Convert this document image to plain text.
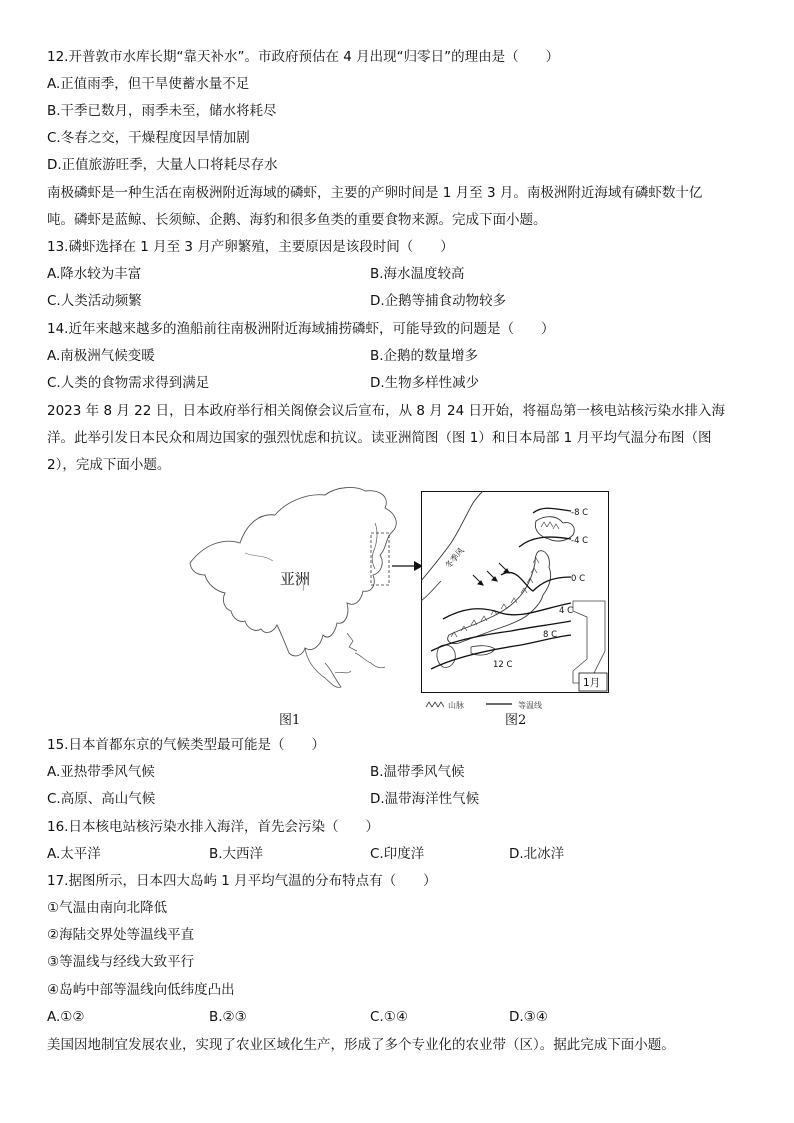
12.开普敦市水库长期“靠天补水”。市政府预估在 4 月出现“归零日”的理由是（　　）
A.正值雨季，但干旱使蓄水量不足
B.干季已数月，雨季未至，储水将耗尽
C.冬春之交，干燥程度因旱情加剧
D.正值旅游旺季，大量人口将耗尽存水
南极磷虾是一种生活在南极洲附近海域的磷虾，主要的产卵时间是 1 月至 3 月。南极洲附近海域有磷虾数十亿
吨。磷虾是蓝鲸、长须鲸、企鹅、海豹和很多鱼类的重要食物来源。完成下面小题。
13.磷虾选择在 1 月至 3 月产卵繁殖，主要原因是该段时间（　　）
A.降水较为丰富	B.海水温度较高
C.人类活动频繁	D.企鹅等捕食动物较多
14.近年来越来越多的渔船前往南极洲附近海域捕捞磷虾，可能导致的问题是（　　）
A.南极洲气候变暖	B.企鹅的数量增多
C.人类的食物需求得到满足	D.生物多样性减少
2023 年 8 月 22 日，日本政府举行相关阁僚会议后宣布，从 8 月 24 日开始，将福岛第一核电站核污染水排入海
洋。此举引发日本民众和周边国家的强烈忧虑和抗议。读亚洲简图（图 1）和日本局部 1 月平均气温分布图（图
2），完成下面小题。
亚洲
-8 C
-4 C
0 C
4 C
8 C
12 C
冬季风
1月
山脉	等温线
图1	图2
15.日本首都东京的气候类型最可能是（　　）
A.亚热带季风气候	B.温带季风气候
C.高原、高山气候	D.温带海洋性气候
16.日本核电站核污染水排入海洋，首先会污染（　　）
A.太平洋	B.大西洋	C.印度洋	D.北冰洋
17.据图所示，日本四大岛屿 1 月平均气温的分布特点有（　　）
①气温由南向北降低
②海陆交界处等温线平直
③等温线与经线大致平行
④岛屿中部等温线向低纬度凸出
A.①②	B.②③	C.①④	D.③④
美国因地制宜发展农业，实现了农业区域化生产，形成了多个专业化的农业带（区）。据此完成下面小题。
